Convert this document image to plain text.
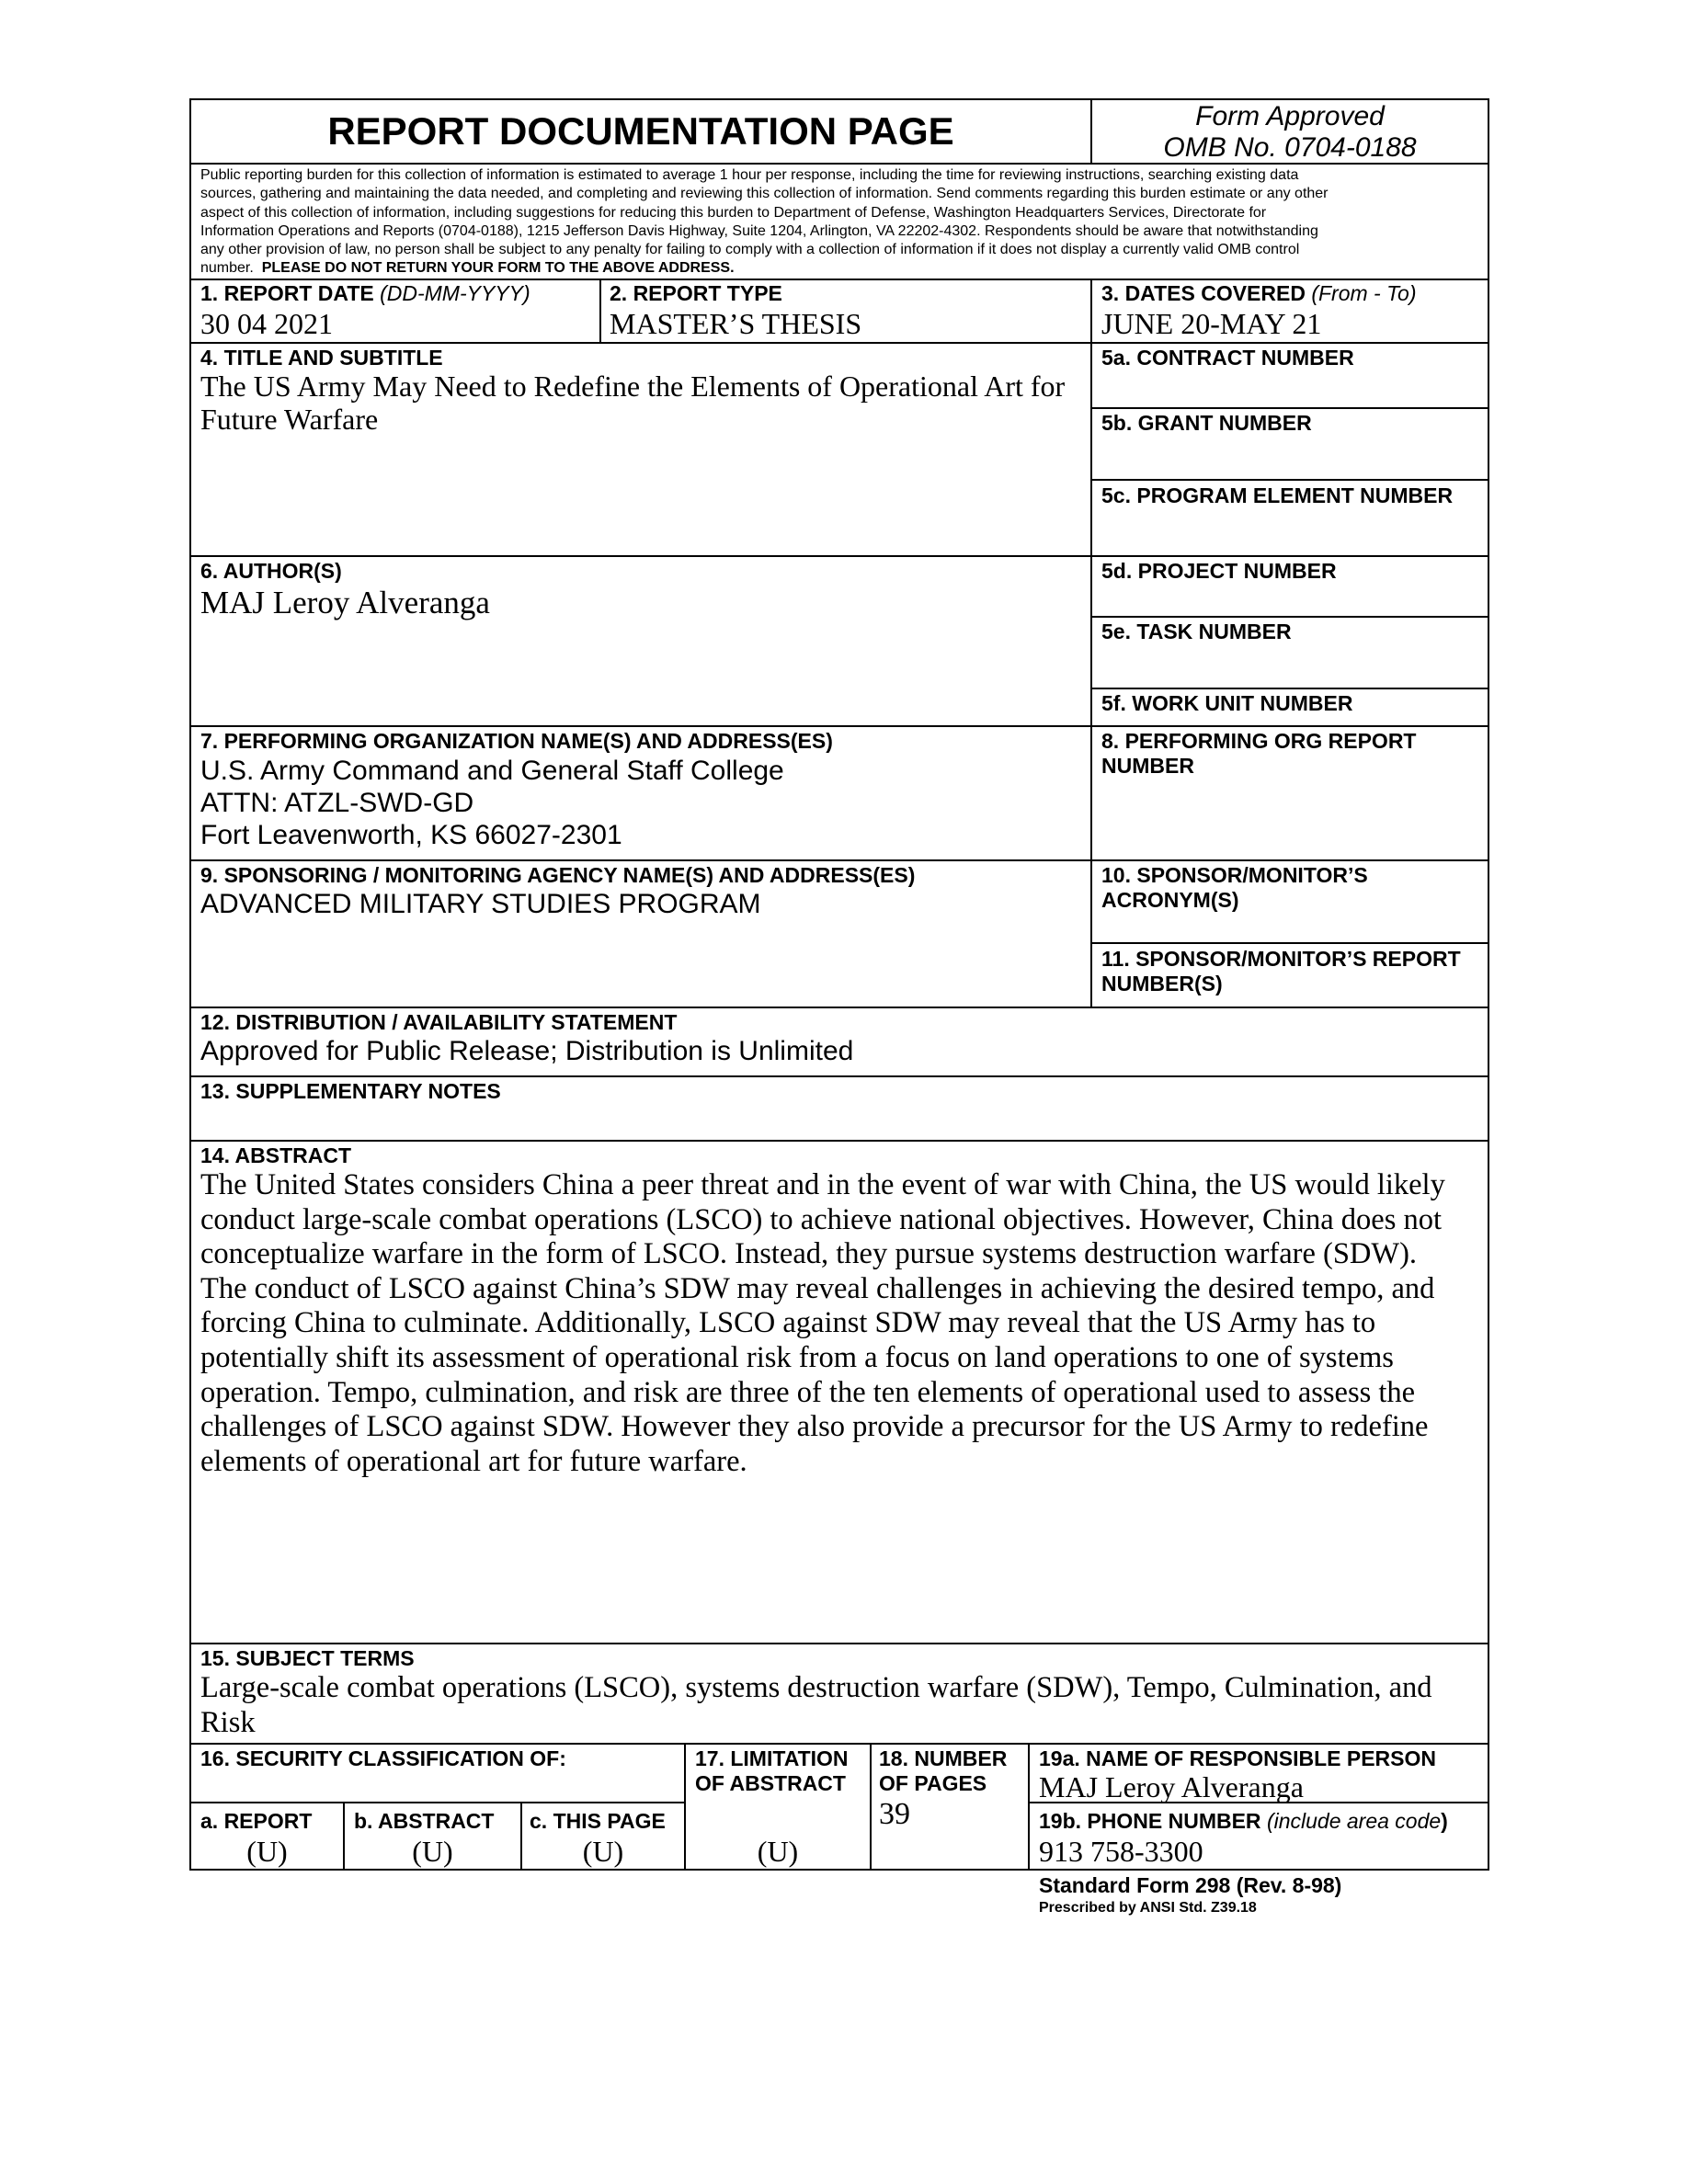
REPORT DOCUMENTATION PAGE	Form Approved
OMB No. 0704-0188
Public reporting burden for this collection of information is estimated to average 1 hour per response, including the time for reviewing instructions, searching existing data
sources, gathering and maintaining the data needed, and completing and reviewing this collection of information. Send comments regarding this burden estimate or any other
aspect of this collection of information, including suggestions for reducing this burden to Department of Defense, Washington Headquarters Services, Directorate for
Information Operations and Reports (0704-0188), 1215 Jefferson Davis Highway, Suite 1204, Arlington, VA 22202-4302. Respondents should be aware that notwithstanding
any other provision of law, no person shall be subject to any penalty for failing to comply with a collection of information if it does not display a currently valid OMB control
number.  PLEASE DO NOT RETURN YOUR FORM TO THE ABOVE ADDRESS.
1. REPORT DATE (DD-MM-YYYY)
30 04 2021
2. REPORT TYPE
MASTER’S THESIS
3. DATES COVERED (From - To)
JUNE 20-MAY 21
4. TITLE AND SUBTITLE
The US Army May Need to Redefine the Elements of Operational Art for
Future Warfare
5a. CONTRACT NUMBER
5b. GRANT NUMBER
5c. PROGRAM ELEMENT NUMBER
6. AUTHOR(S)
MAJ Leroy Alveranga
5d. PROJECT NUMBER
5e. TASK NUMBER
5f. WORK UNIT NUMBER
7. PERFORMING ORGANIZATION NAME(S) AND ADDRESS(ES)
U.S. Army Command and General Staff College
ATTN: ATZL-SWD-GD
Fort Leavenworth, KS 66027-2301
8. PERFORMING ORG REPORT
NUMBER
9. SPONSORING / MONITORING AGENCY NAME(S) AND ADDRESS(ES)
ADVANCED MILITARY STUDIES PROGRAM
10. SPONSOR/MONITOR’S
ACRONYM(S)
11. SPONSOR/MONITOR’S REPORT
NUMBER(S)
12. DISTRIBUTION / AVAILABILITY STATEMENT
Approved for Public Release; Distribution is Unlimited
13. SUPPLEMENTARY NOTES
14. ABSTRACT
The United States considers China a peer threat and in the event of war with China, the US would likely
conduct large-scale combat operations (LSCO) to achieve national objectives. However, China does not
conceptualize warfare in the form of LSCO. Instead, they pursue systems destruction warfare (SDW).
The conduct of LSCO against China’s SDW may reveal challenges in achieving the desired tempo, and
forcing China to culminate. Additionally, LSCO against SDW may reveal that the US Army has to
potentially shift its assessment of operational risk from a focus on land operations to one of systems
operation. Tempo, culmination, and risk are three of the ten elements of operational used to assess the
challenges of LSCO against SDW. However they also provide a precursor for the US Army to redefine
elements of operational art for future warfare.
15. SUBJECT TERMS
Large-scale combat operations (LSCO), systems destruction warfare (SDW), Tempo, Culmination, and
Risk
16. SECURITY CLASSIFICATION OF:
a. REPORT
(U)
b. ABSTRACT
(U)
c. THIS PAGE
(U)
17. LIMITATION
OF ABSTRACT
(U)
18. NUMBER
OF PAGES
39
19a. NAME OF RESPONSIBLE PERSON
MAJ Leroy Alveranga
19b. PHONE NUMBER (include area code)
913 758-3300
Standard Form 298 (Rev. 8-98)
Prescribed by ANSI Std. Z39.18
